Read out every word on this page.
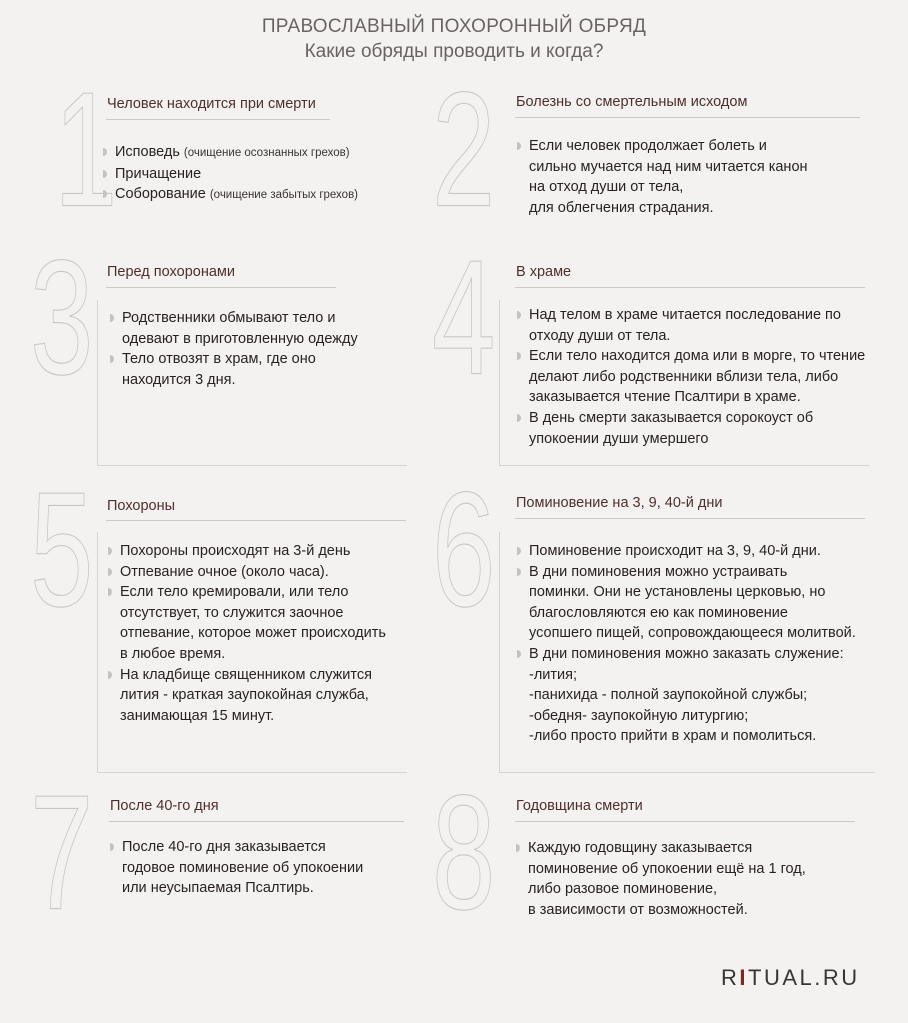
ПРАВОСЛАВНЫЙ ПОХОРОННЫЙ ОБРЯД
Какие обряды проводить и когда?
1
Человек находится при смерти
Исповедь (очищение осознанных грехов)
Причащение
Соборование (очищение забытых грехов) 2 Болезнь со смертельным исходом
Если человек продолжает болеть и
сильно мучается над ним читается канон
на отход души от тела,
для облегчения страдания.
3 Перед похоронами
Родственники обмывают тело и
одевают в приготовленную одежду
Тело отвозят в храм, где оно
находится 3 дня.	4 В храме
Над телом в храме читается последование по
отходу души от тела.
Если тело находится дома или в морге, то чтение
делают либо родственники вблизи тела, либо
заказывается чтение Псалтири в храме.
В день смерти заказывается сорокоуст об
упокоении души умершего
5 Похороны
Похороны происходят на 3-й день
Отпевание очное (около часа).
Если тело кремировали, или тело
отсутствует, то служится заочное
отпевание, которое может происходить
в любое время.
На кладбище священником служится
лития - краткая заупокойная служба,
занимающая 15 минут.
6 Поминовение на 3, 9, 40-й дни
Поминовение происходит на 3, 9, 40-й дни.
В дни поминовения можно устраивать
поминки. Они не установлены церковью, но
благословляются ею как поминовение
усопшего пищей, сопровождающееся молитвой.
В дни поминовения можно заказать служение:
-лития;
-панихида - полной заупокойной службы;
-обедня- заупокойную литургию;
-либо просто прийти в храм и помолиться.
7 После 40-го дня
После 40-го дня заказывается
годовое поминовение об упокоении
или неусыпаемая Псалтирь. 8 Годовщина смерти
Каждую годовщину заказывается
поминовение об упокоении ещё на 1 год,
либо разовое поминовение,
в зависимости от возможностей.
RITUAL.RU
